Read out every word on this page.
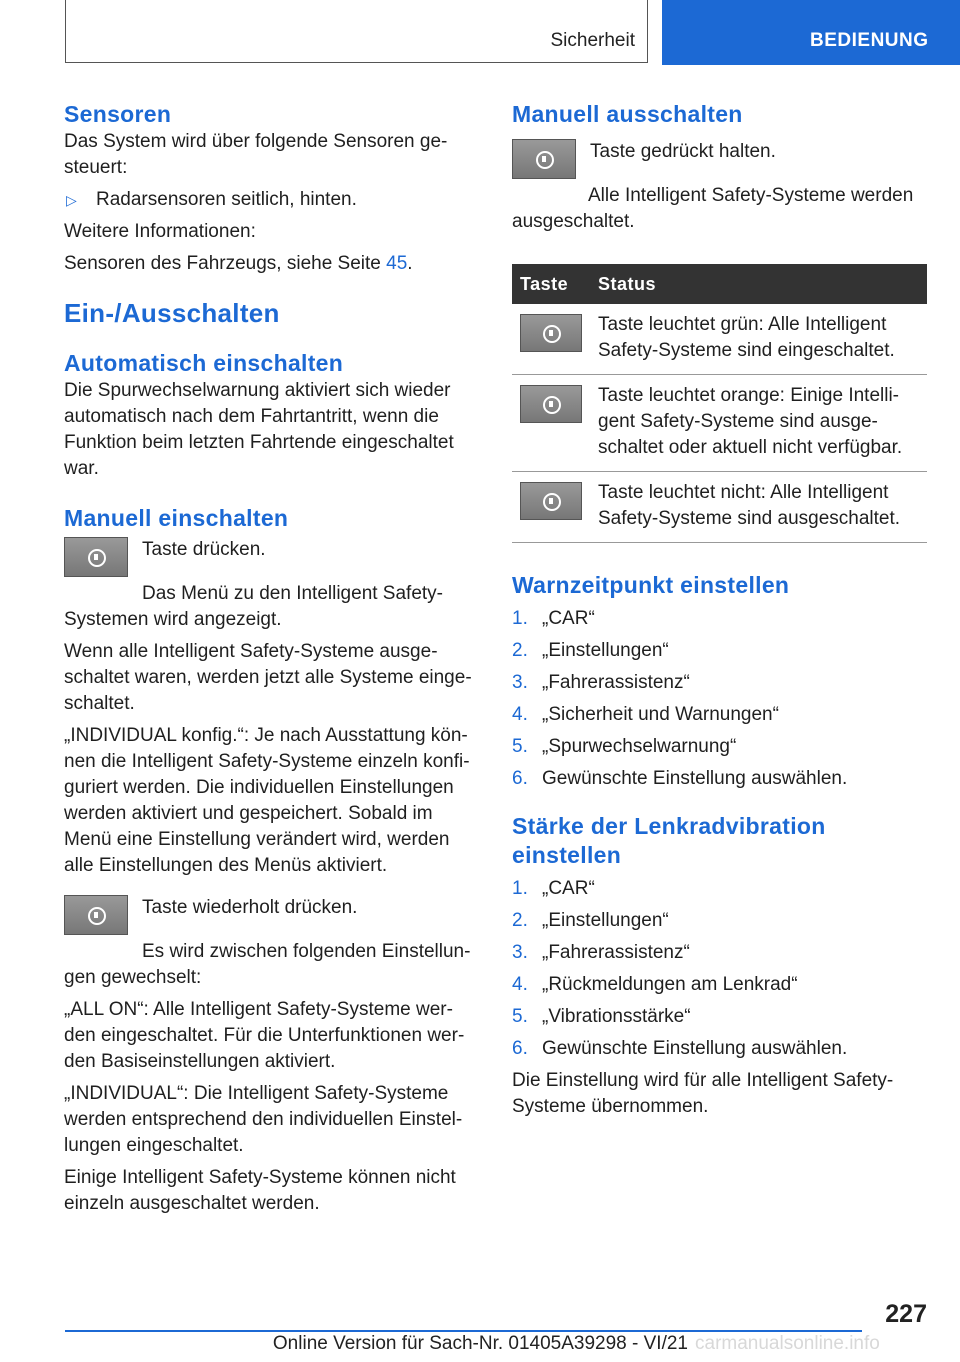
Sicherheit	BEDIENUNG
Sensoren

Das System wird über folgende Sensoren ge-steuert:

▷	Radarsensoren seitlich, hinten.

Weitere Informationen:

Sensoren des Fahrzeugs, siehe Seite 45.

Ein-/Ausschalten
Automatisch einschalten

Die Spurwechselwarnung aktiviert sich wieder automatisch nach dem Fahrtantritt, wenn die Funktion beim letzten Fahrtende eingeschaltet war.

Manuell einschalten

Taste drücken.

Das Menü zu den Intelligent Safety-Systemen wird angezeigt.

Wenn alle Intelligent Safety-Systeme ausge-schaltet waren, werden jetzt alle Systeme einge-schaltet.

„INDIVIDUAL konfig.“: Je nach Ausstattung kön-nen die Intelligent Safety-Systeme einzeln konfi-guriert werden. Die individuellen Einstellungen werden aktiviert und gespeichert. Sobald im Menü eine Einstellung verändert wird, werden alle Einstellungen des Menüs aktiviert.

Taste wiederholt drücken.

Es wird zwischen folgenden Einstellun-gen gewechselt:

„ALL ON“: Alle Intelligent Safety-Systeme wer-den eingeschaltet. Für die Unterfunktionen wer-den Basiseinstellungen aktiviert.

„INDIVIDUAL“: Die Intelligent Safety-Systeme werden entsprechend den individuellen Einstel-lungen eingeschaltet.

Einige Intelligent Safety-Systeme können nicht einzeln ausgeschaltet werden.

Manuell ausschalten

Taste gedrückt halten.

Alle Intelligent Safety-Systeme werden ausgeschaltet.

Taste	Status

	Taste leuchtet grün: Alle Intelligent Safety-Systeme sind eingeschaltet.

	Taste leuchtet orange: Einige Intelli-gent Safety-Systeme sind ausge-schaltet oder aktuell nicht verfügbar.

	Taste leuchtet nicht: Alle Intelligent Safety-Systeme sind ausgeschaltet.
Warnzeitpunkt einstellen
1. „CAR“
2. „Einstellungen“
3. „Fahrerassistenz“
4. „Sicherheit und Warnungen“
5. „Spurwechselwarnung“
6. Gewünschte Einstellung auswählen.
Stärke der Lenkradvibration einstellen
1. „CAR“
2. „Einstellungen“
3. „Fahrerassistenz“
4. „Rückmeldungen am Lenkrad“
5. „Vibrationsstärke“
6. Gewünschte Einstellung auswählen.

Die Einstellung wird für alle Intelligent Safety-Systeme übernommen.

227
Online Version für Sach-Nr. 01405A39298 - VI/21 carmanualsonline.info
